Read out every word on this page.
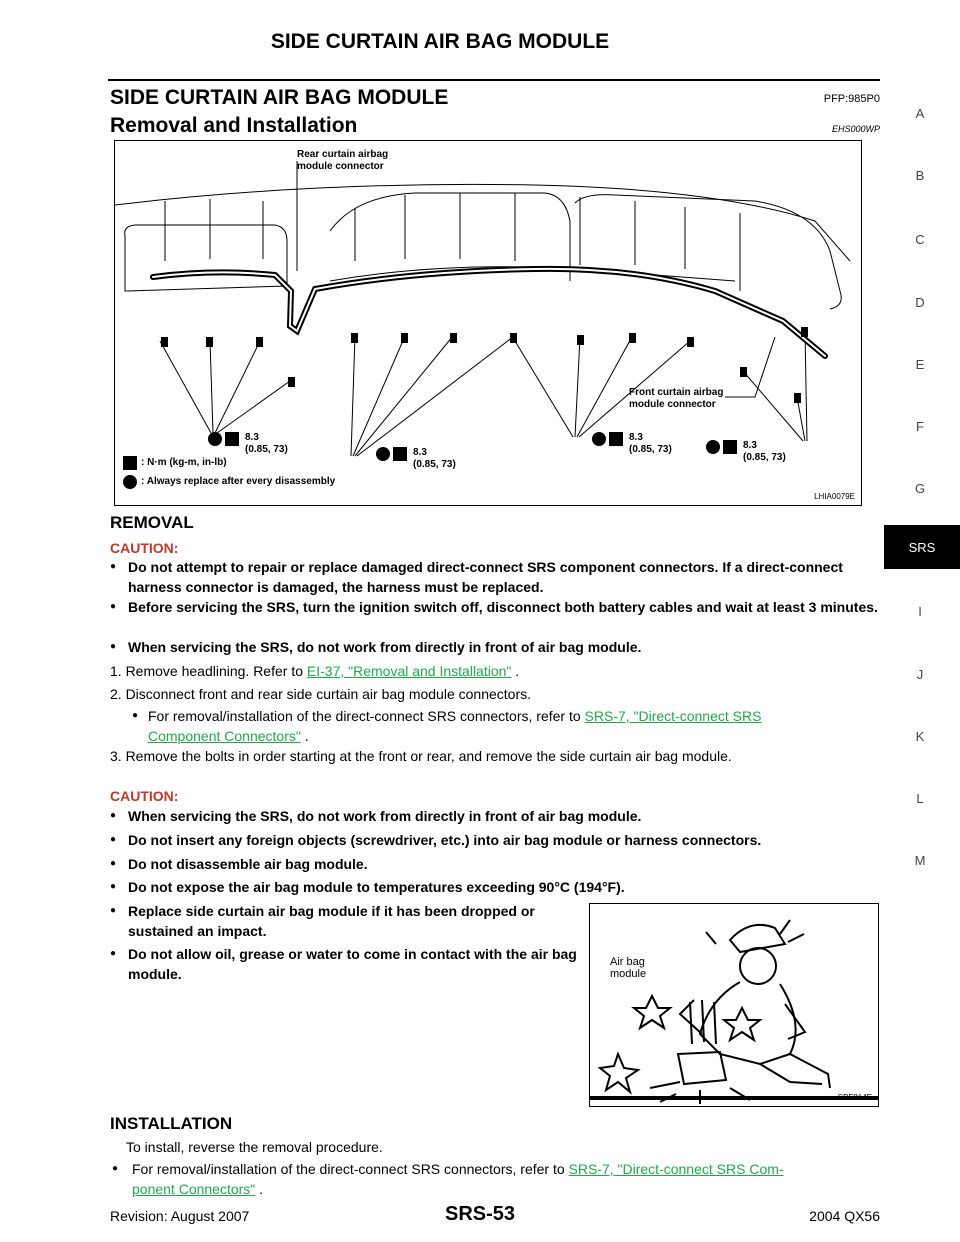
SIDE CURTAIN AIR BAG MODULE
SIDE CURTAIN AIR BAG MODULE	PFP:985P0
Removal and Installation	EHS000WP
Rear curtain airbag
module connector
Front curtain airbag
module connector
8.3
(0.85, 73)	8.3
(0.85, 73)
8.3
(0.85, 73)	8.3
(0.85, 73)
: N·m (kg-m, in-lb)
: Always replace after every disassembly
LHIA0079E
REMOVAL
CAUTION:
● Do not attempt to repair or replace damaged direct-connect SRS component connectors. If a direct-connect harness connector is damaged, the harness must be replaced.
● Before servicing the SRS, turn the ignition switch off, disconnect both battery cables and wait at least 3 minutes.
● When servicing the SRS, do not work from directly in front of air bag module.
1. Remove headlining. Refer to EI-37, "Removal and Installation" .
2. Disconnect front and rear side curtain air bag module connectors.
● For removal/installation of the direct-connect SRS connectors, refer to SRS-7, "Direct-connect SRS
Component Connectors" .
3. Remove the bolts in order starting at the front or rear, and remove the side curtain air bag module.
CAUTION:
● When servicing the SRS, do not work from directly in front of air bag module.
● Do not insert any foreign objects (screwdriver, etc.) into air bag module or harness connectors.
● Do not disassemble air bag module.
● Do not expose the air bag module to temperatures exceeding 90°C (194°F).
● Replace side curtain air bag module if it has been dropped or sustained an impact.
● Do not allow oil, grease or water to come in contact with the air bag module.
Air bag
module
SBF814E
INSTALLATION
To install, reverse the removal procedure.
● For removal/installation of the direct-connect SRS connectors, refer to SRS-7, "Direct-connect SRS Com-
ponent Connectors" .
A
B
C
D
E
F
G
SRS
I
J
K
L
M
Revision: August 2007	SRS-53	2004 QX56
